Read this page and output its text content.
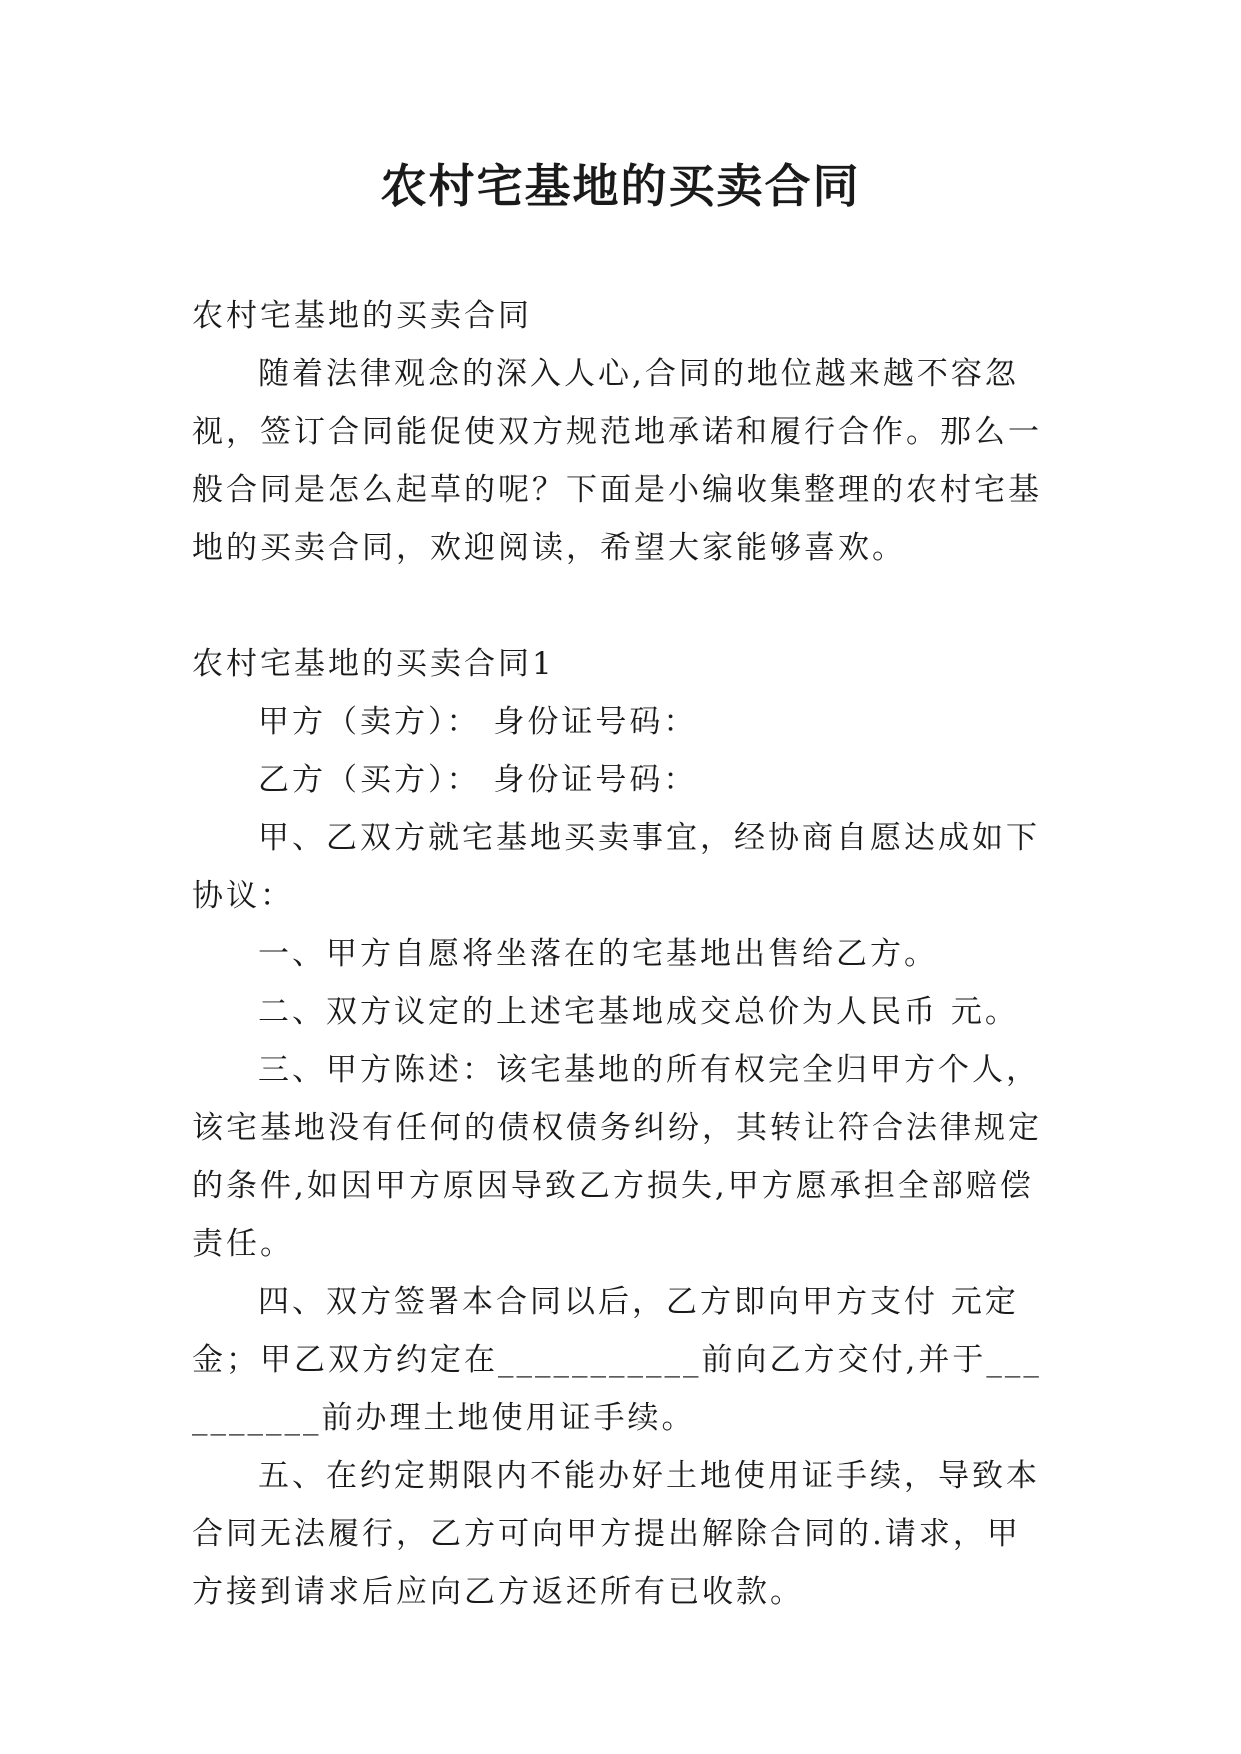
农村宅基地的买卖合同

农村宅基地的买卖合同

随着法律观念的深入人心,合同的地位越来越不容忽视，签订合同能促使双方规范地承诺和履行合作。那么一般合同是怎么起草的呢？下面是小编收集整理的农村宅基地的买卖合同，欢迎阅读，希望大家能够喜欢。

农村宅基地的买卖合同1

甲方（卖方）： 身份证号码：

乙方（买方）： 身份证号码：

甲、乙双方就宅基地买卖事宜，经协商自愿达成如下协议：

一、甲方自愿将坐落在的宅基地出售给乙方。

二、双方议定的上述宅基地成交总价为人民币 元。

三、甲方陈述：该宅基地的所有权完全归甲方个人，该宅基地没有任何的债权债务纠纷，其转让符合法律规定的条件,如因甲方原因导致乙方损失,甲方愿承担全部赔偿责任。

四、双方签署本合同以后，乙方即向甲方支付 元定金；甲乙双方约定在___________前向乙方交付,并于__________前办理土地使用证手续。

五、在约定期限内不能办好土地使用证手续，导致本合同无法履行，乙方可向甲方提出解除合同的.请求，甲方接到请求后应向乙方返还所有已收款。
